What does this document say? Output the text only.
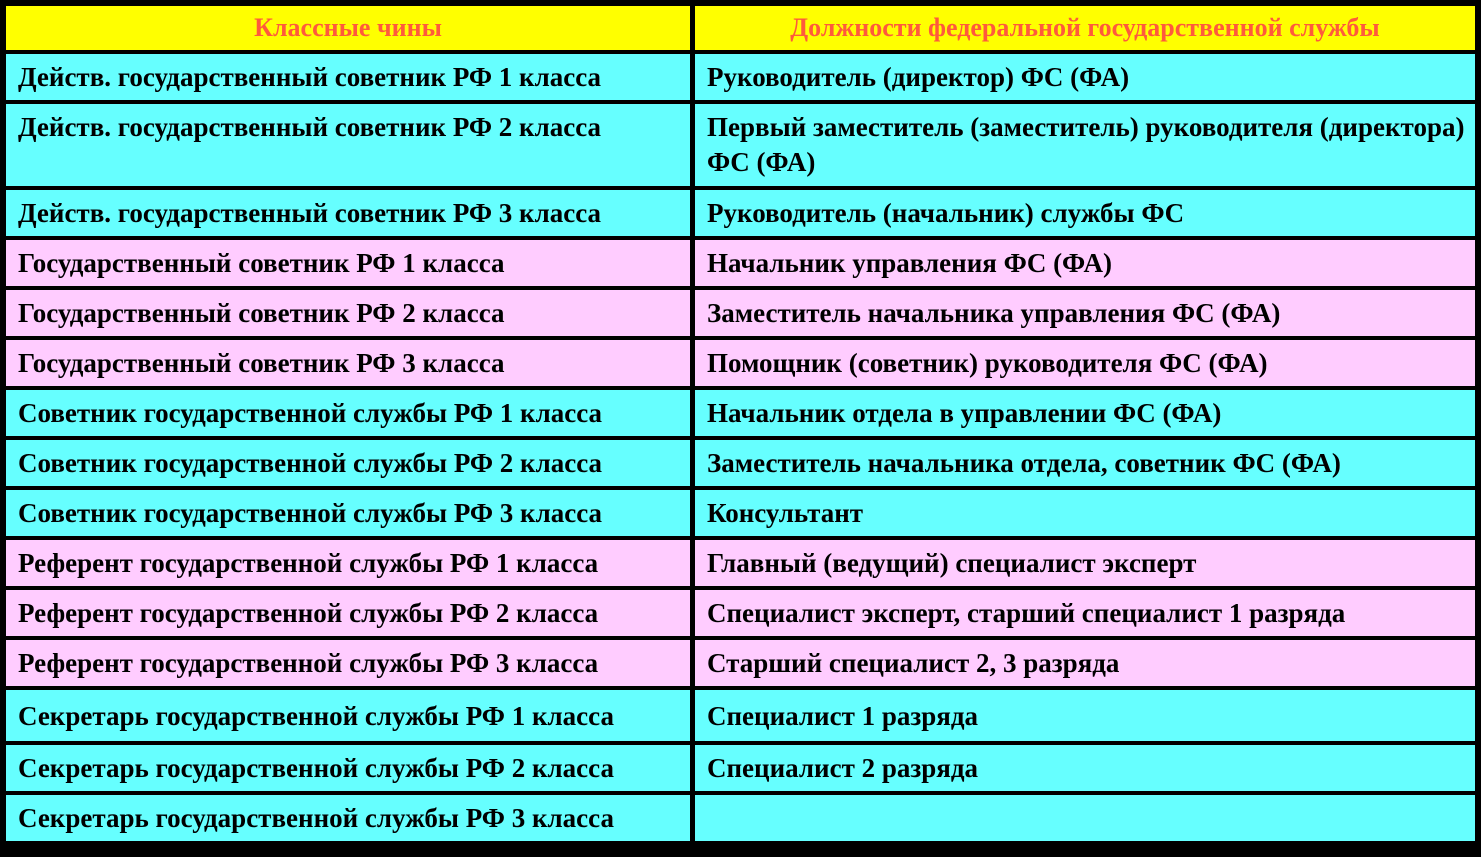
Классные чины	Должности федеральной государственной службы
Действ. государственный советник РФ 1 класса	Руководитель (директор) ФС (ФА)
Действ. государственный советник РФ 2 класса	Первый заместитель (заместитель) руководителя (директора) ФС (ФА)
Действ. государственный советник РФ 3 класса	Руководитель (начальник) службы ФС
Государственный советник РФ 1 класса	Начальник управления ФС (ФА)
Государственный советник РФ 2 класса	Заместитель начальника управления ФС (ФА)
Государственный советник РФ 3 класса	Помощник (советник) руководителя ФС (ФА)
Советник государственной службы РФ 1 класса	Начальник отдела в управлении ФС (ФА)
Советник государственной службы РФ 2 класса	Заместитель начальника отдела, советник ФС (ФА)
Советник государственной службы РФ 3 класса	Консультант
Референт государственной службы РФ 1 класса	Главный (ведущий) специалист эксперт
Референт государственной службы РФ 2 класса	Специалист эксперт, старший специалист 1 разряда
Референт государственной службы РФ 3 класса	Старший специалист 2, 3 разряда
Секретарь государственной службы РФ 1 класса	Специалист 1 разряда
Секретарь государственной службы РФ 2 класса	Специалист 2 разряда
Секретарь государственной службы РФ 3 класса	
